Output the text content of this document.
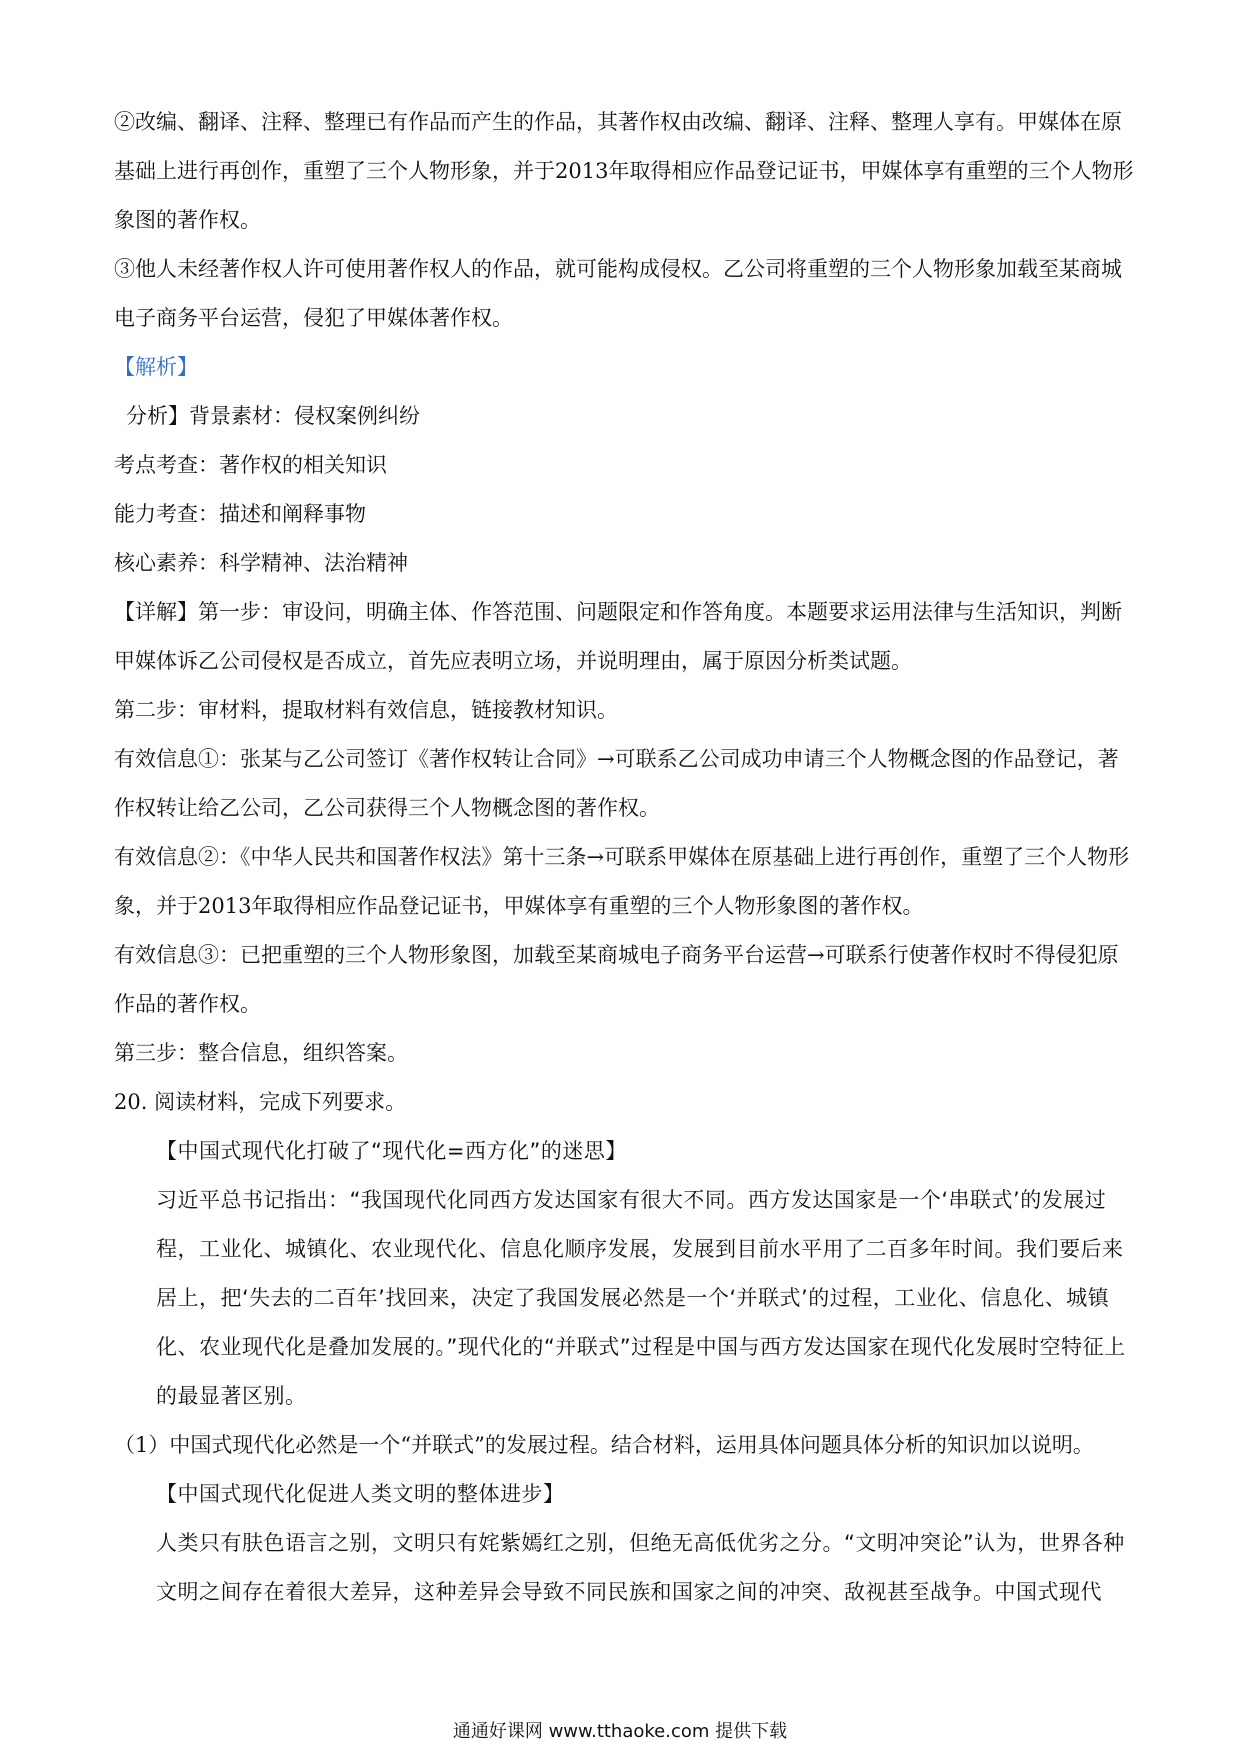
②改编、翻译、注释、整理已有作品而产生的作品，其著作权由改编、翻译、注释、整理人享有。甲媒体在原基础上进行再创作，重塑了三个人物形象，并于2013年取得相应作品登记证书，甲媒体享有重塑的三个人物形象图的著作权。

③他人未经著作权人许可使用著作权人的作品，就可能构成侵权。乙公司将重塑的三个人物形象加载至某商城电子商务平台运营，侵犯了甲媒体著作权。

【解析】

分析】背景素材：侵权案例纠纷

考点考查：著作权的相关知识

能力考查：描述和阐释事物

核心素养：科学精神、法治精神

【详解】第一步：审设问，明确主体、作答范围、问题限定和作答角度。本题要求运用法律与生活知识，判断甲媒体诉乙公司侵权是否成立，首先应表明立场，并说明理由，属于原因分析类试题。

第二步：审材料，提取材料有效信息，链接教材知识。

有效信息①：张某与乙公司签订《著作权转让合同》→可联系乙公司成功申请三个人物概念图的作品登记，著作权转让给乙公司，乙公司获得三个人物概念图的著作权。

有效信息②：《中华人民共和国著作权法》第十三条→可联系甲媒体在原基础上进行再创作，重塑了三个人物形象，并于2013年取得相应作品登记证书，甲媒体享有重塑的三个人物形象图的著作权。

有效信息③：已把重塑的三个人物形象图，加载至某商城电子商务平台运营→可联系行使著作权时不得侵犯原作品的著作权。

第三步：整合信息，组织答案。

20. 阅读材料，完成下列要求。

【中国式现代化打破了“现代化=西方化”的迷思】

习近平总书记指出：“我国现代化同西方发达国家有很大不同。西方发达国家是一个‘串联式’的发展过程，工业化、城镇化、农业现代化、信息化顺序发展，发展到目前水平用了二百多年时间。我们要后来居上，把‘失去的二百年’找回来，决定了我国发展必然是一个‘并联式’的过程，工业化、信息化、城镇化、农业现代化是叠加发展的。”现代化的“并联式”过程是中国与西方发达国家在现代化发展时空特征上的最显著区别。

（1）中国式现代化必然是一个“并联式”的发展过程。结合材料，运用具体问题具体分析的知识加以说明。

【中国式现代化促进人类文明的整体进步】

人类只有肤色语言之别，文明只有姹紫嫣红之别，但绝无高低优劣之分。“文明冲突论”认为，世界各种文明之间存在着很大差异，这种差异会导致不同民族和国家之间的冲突、敌视甚至战争。中国式现代

通通好课网 www.tthaoke.com 提供下载
